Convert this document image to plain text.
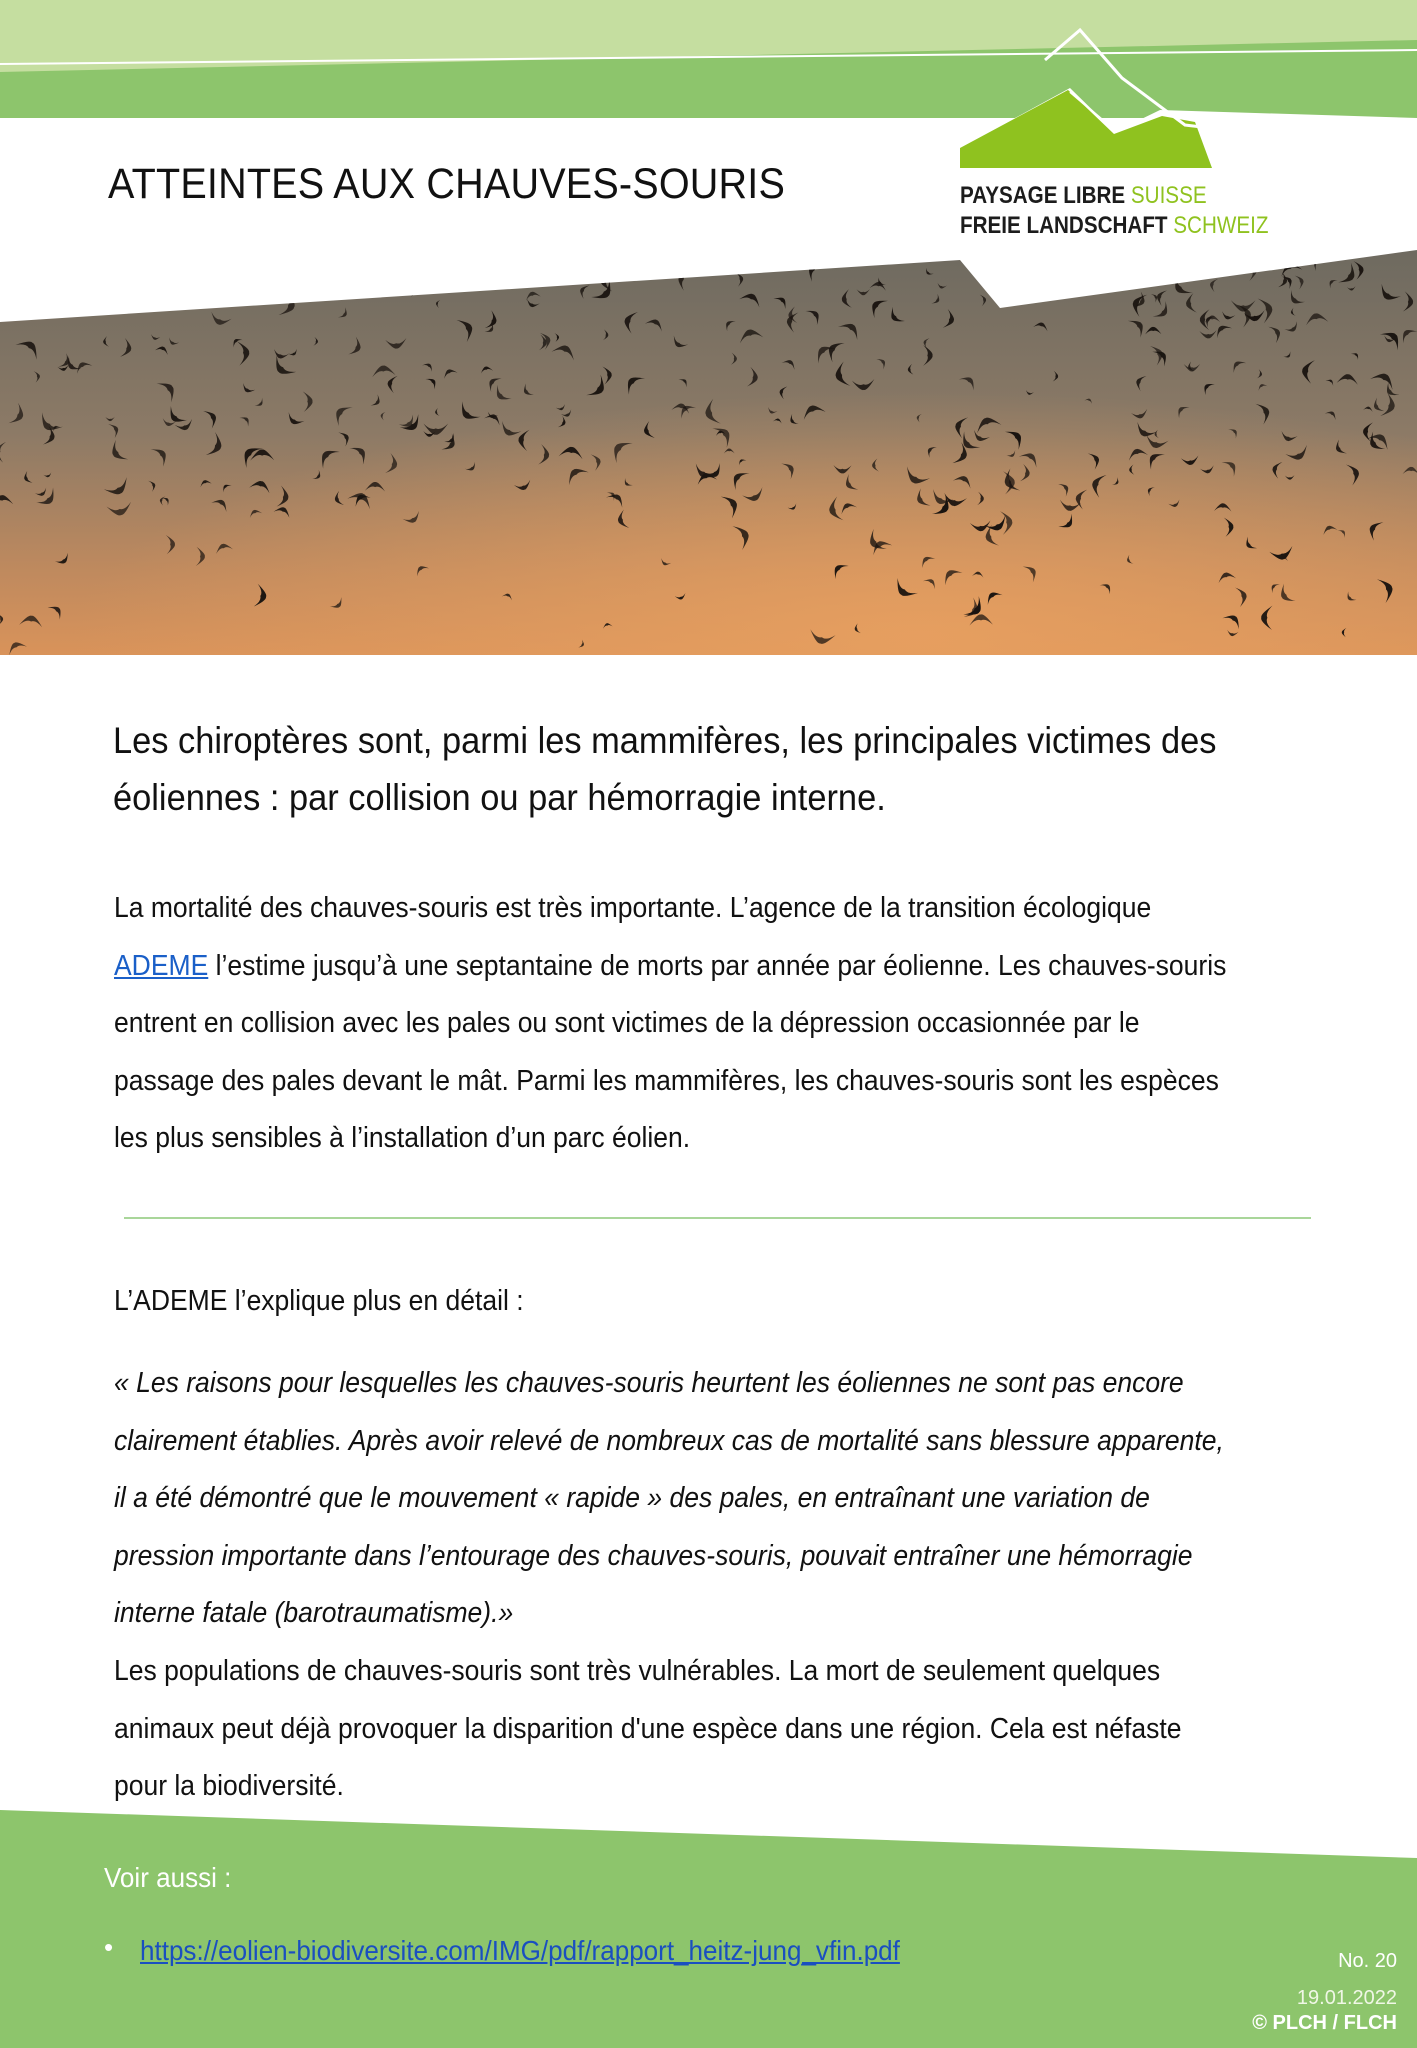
ATTEINTES AUX CHAUVES-SOURIS	PAYSAGE LIBRE SUISSE
FREIE LANDSCHAFT SCHWEIZ
Les chiroptères sont, parmi les mammifères, les principales victimes des éoliennes : par collision ou par hémorragie interne.
La mortalité des chauves-souris est très importante. L’agence de la transition écologique ADEME l’estime jusqu’à une septantaine de morts par année par éolienne. Les chauves-souris entrent en collision avec les pales ou sont victimes de la dépression occasionnée par le passage des pales devant le mât. Parmi les mammifères, les chauves-souris sont les espèces les plus sensibles à l’installation d’un parc éolien.
L’ADEME l’explique plus en détail :
« Les raisons pour lesquelles les chauves-souris heurtent les éoliennes ne sont pas encore clairement établies. Après avoir relevé de nombreux cas de mortalité sans blessure apparente, il a été démontré que le mouvement « rapide » des pales, en entraînant une variation de pression importante dans l’entourage des chauves-souris, pouvait entraîner une hémorragie interne fatale (barotraumatisme).»
Les populations de chauves-souris sont très vulnérables. La mort de seulement quelques animaux peut déjà provoquer la disparition d'une espèce dans une région. Cela est néfaste pour la biodiversité.
Voir aussi :
• https://eolien-biodiversite.com/IMG/pdf/rapport_heitz-jung_vfin.pdf	No. 20
19.01.2022
© PLCH / FLCH
